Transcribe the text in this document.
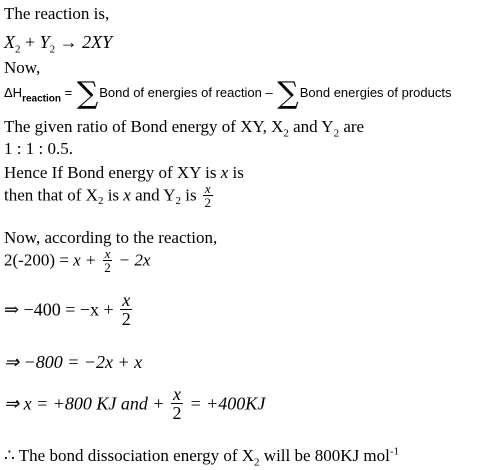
The reaction is,
$X_2 + Y_2 \to 2XY$
Now,
$\Delta H_{reaction}$ = ∑Bond of energies of reaction – ∑Bond energies of products
The given ratio of Bond energy of XY, $X_2$ and $Y_2$ are
1 : 1 : 0.5.
Hence If Bond energy of XY is x is
then that of $X_2$ is x and $Y_2$ is $\frac{x}{2}$
Now, according to the reaction,
$2(-200) = x + \frac{x}{2} - 2x$
⇒ $-400 = -x + \frac{x}{2}$
⇒ −800 = −2x + x
⇒ x = +800 KJ and + $\frac{x}{2} = +400KJ$
∴ The bond dissociation energy of $X_2$ will be 800KJ mol$^{-1}$
